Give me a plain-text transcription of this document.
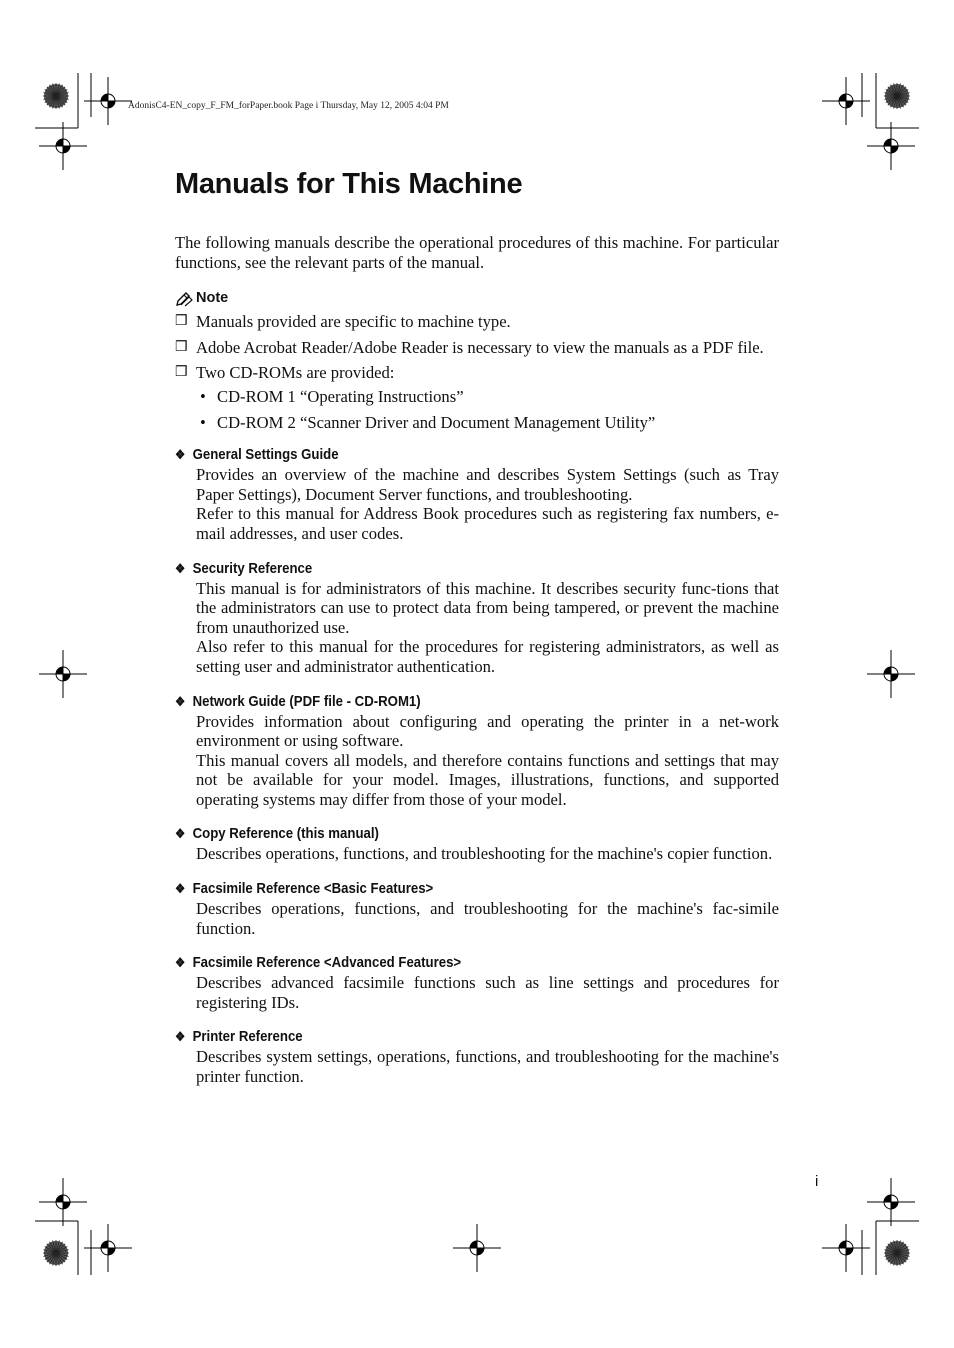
AdonisC4-EN_copy_F_FM_forPaper.book Page i Thursday, May 12, 2005 4:04 PM
Manuals for This Machine

The following manuals describe the operational procedures of this machine. For particular functions, see the relevant parts of the manual.

Note
❒ Manuals provided are specific to machine type.
❒ Adobe Acrobat Reader/Adobe Reader is necessary to view the manuals as a PDF file.
❒ Two CD-ROMs are provided:
• CD-ROM 1 “Operating Instructions”
• CD-ROM 2 “Scanner Driver and Document Management Utility”
❖ General Settings Guide

Provides an overview of the machine and describes System Settings (such as Tray Paper Settings), Document Server functions, and troubleshooting.

Refer to this manual for Address Book procedures such as registering fax numbers, e-mail addresses, and user codes.

❖ Security Reference

This manual is for administrators of this machine. It describes security func-tions that the administrators can use to protect data from being tampered, or prevent the machine from unauthorized use.

Also refer to this manual for the procedures for registering administrators, as well as setting user and administrator authentication.

❖ Network Guide (PDF file - CD-ROM1)

Provides information about configuring and operating the printer in a net-work environment or using software.

This manual covers all models, and therefore contains functions and settings that may not be available for your model. Images, illustrations, functions, and supported operating systems may differ from those of your model.

❖ Copy Reference (this manual)

Describes operations, functions, and troubleshooting for the machine's copier function.

❖ Facsimile Reference <Basic Features>

Describes operations, functions, and troubleshooting for the machine's fac-simile function.

❖ Facsimile Reference <Advanced Features>

Describes advanced facsimile functions such as line settings and procedures for registering IDs.

❖ Printer Reference

Describes system settings, operations, functions, and troubleshooting for the machine's printer function.

i
